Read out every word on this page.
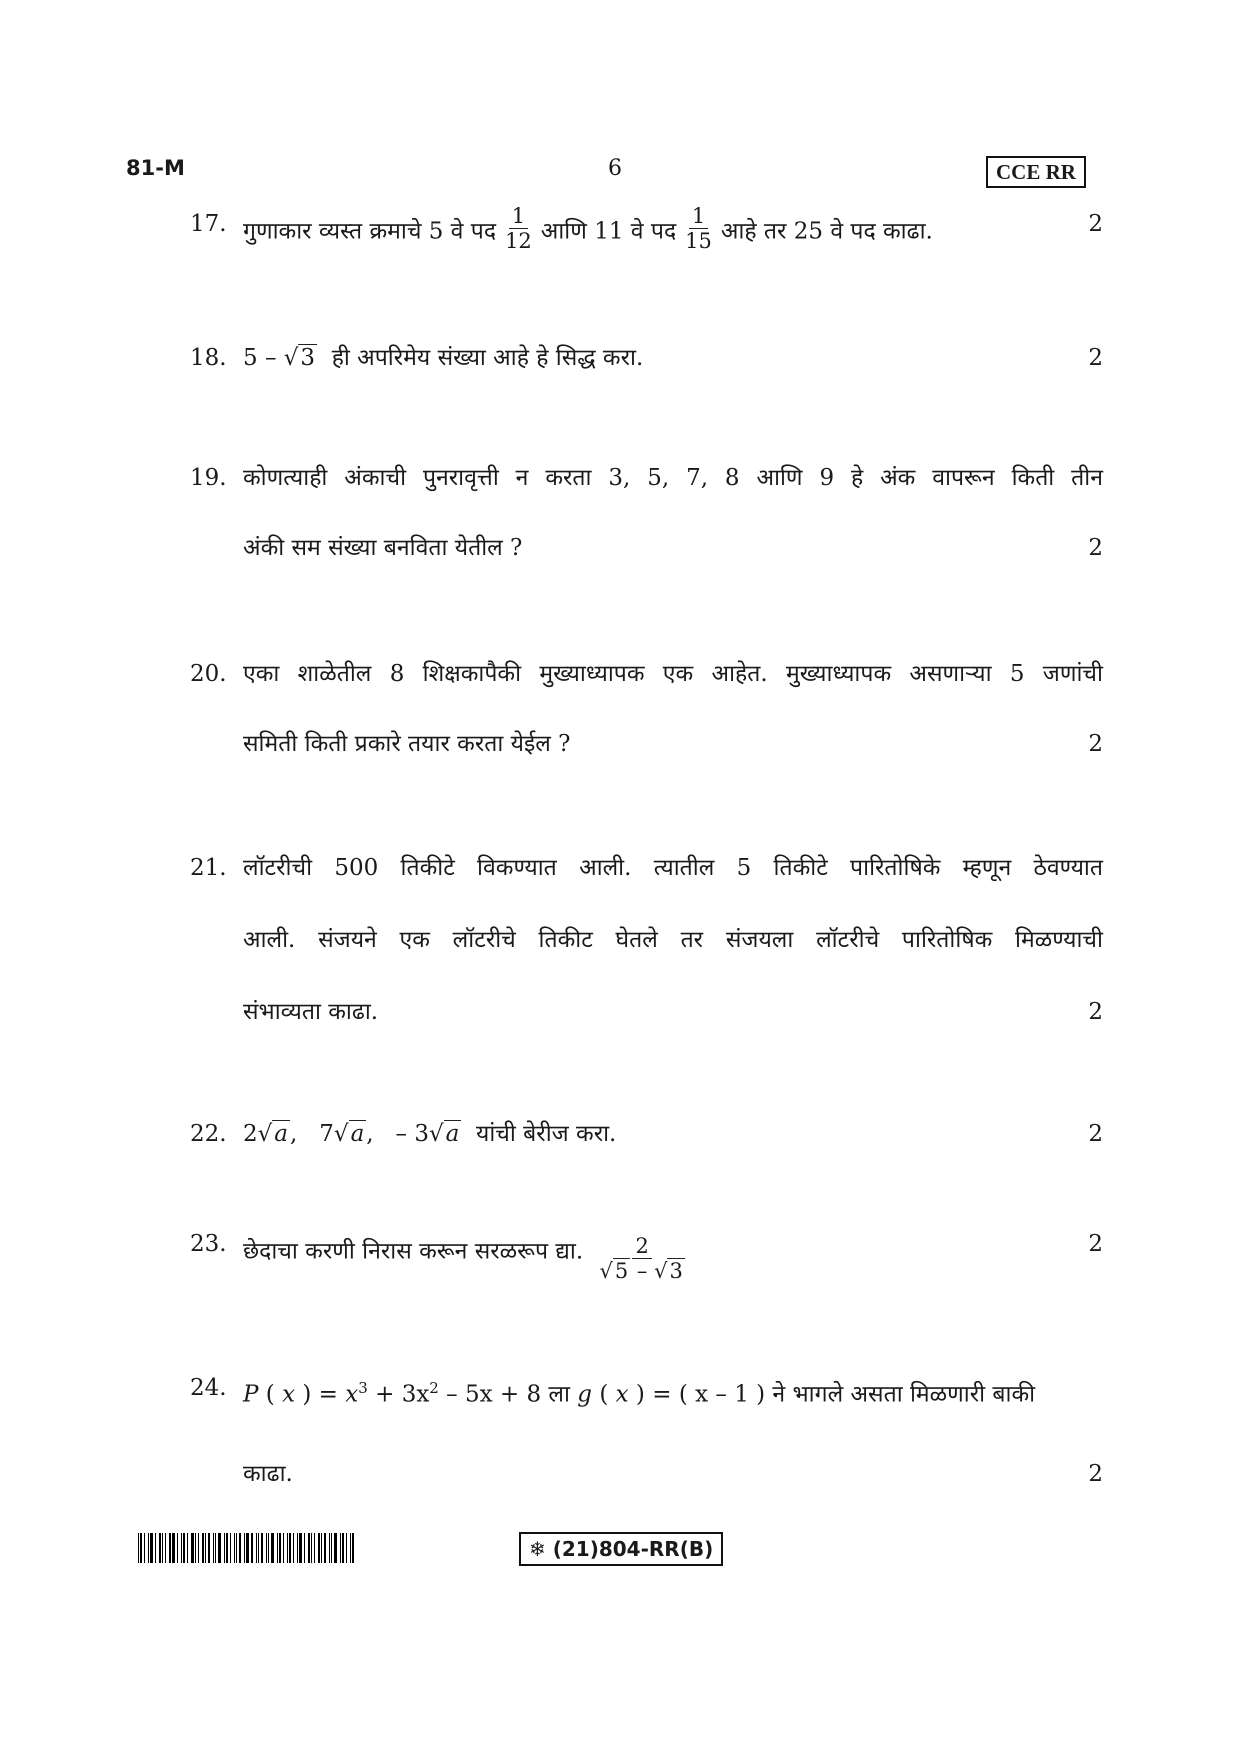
81-M	6	CCE RR
17. गुणाकार व्यस्त क्रमाचे 5 वे पद $\frac{1}{12}$ आणि 11 वे पद $\frac{1}{15}$ आहे तर 25 वे पद काढा.	2
18. 5 – √3 ही अपरिमेय संख्या आहे हे सिद्ध करा.	2
19. कोणत्याही अंकाची पुनरावृत्ती न करता 3, 5, 7, 8 आणि 9 हे अंक वापरून किती तीन
अंकी सम संख्या बनविता येतील ?	2
20. एका शाळेतील 8 शिक्षकापैकी मुख्याध्यापक एक आहेत. मुख्याध्यापक असणाऱ्या 5 जणांची
समिती किती प्रकारे तयार करता येईल ?	2
21. लॉटरीची 500 तिकीटे विकण्यात आली. त्यातील 5 तिकीटे पारितोषिके म्हणून ठेवण्यात
आली. संजयने एक लॉटरीचे तिकीट घेतले तर संजयला लॉटरीचे पारितोषिक मिळण्याची
संभाव्यता काढा.	2
22. 2√a,   7√a,   – 3√a यांची बेरीज करा.	2
23. छेदाचा करणी निरास करून सरळरूप द्या. $\frac{2}{√5 - √3}$	2
24. P ( x ) = $x^3 + 3x^2 - 5x + 8$ ला g ( x ) = ( x – 1 ) ने भागले असता मिळणारी बाकी
काढा.	2
❄ (21)804-RR(B)
